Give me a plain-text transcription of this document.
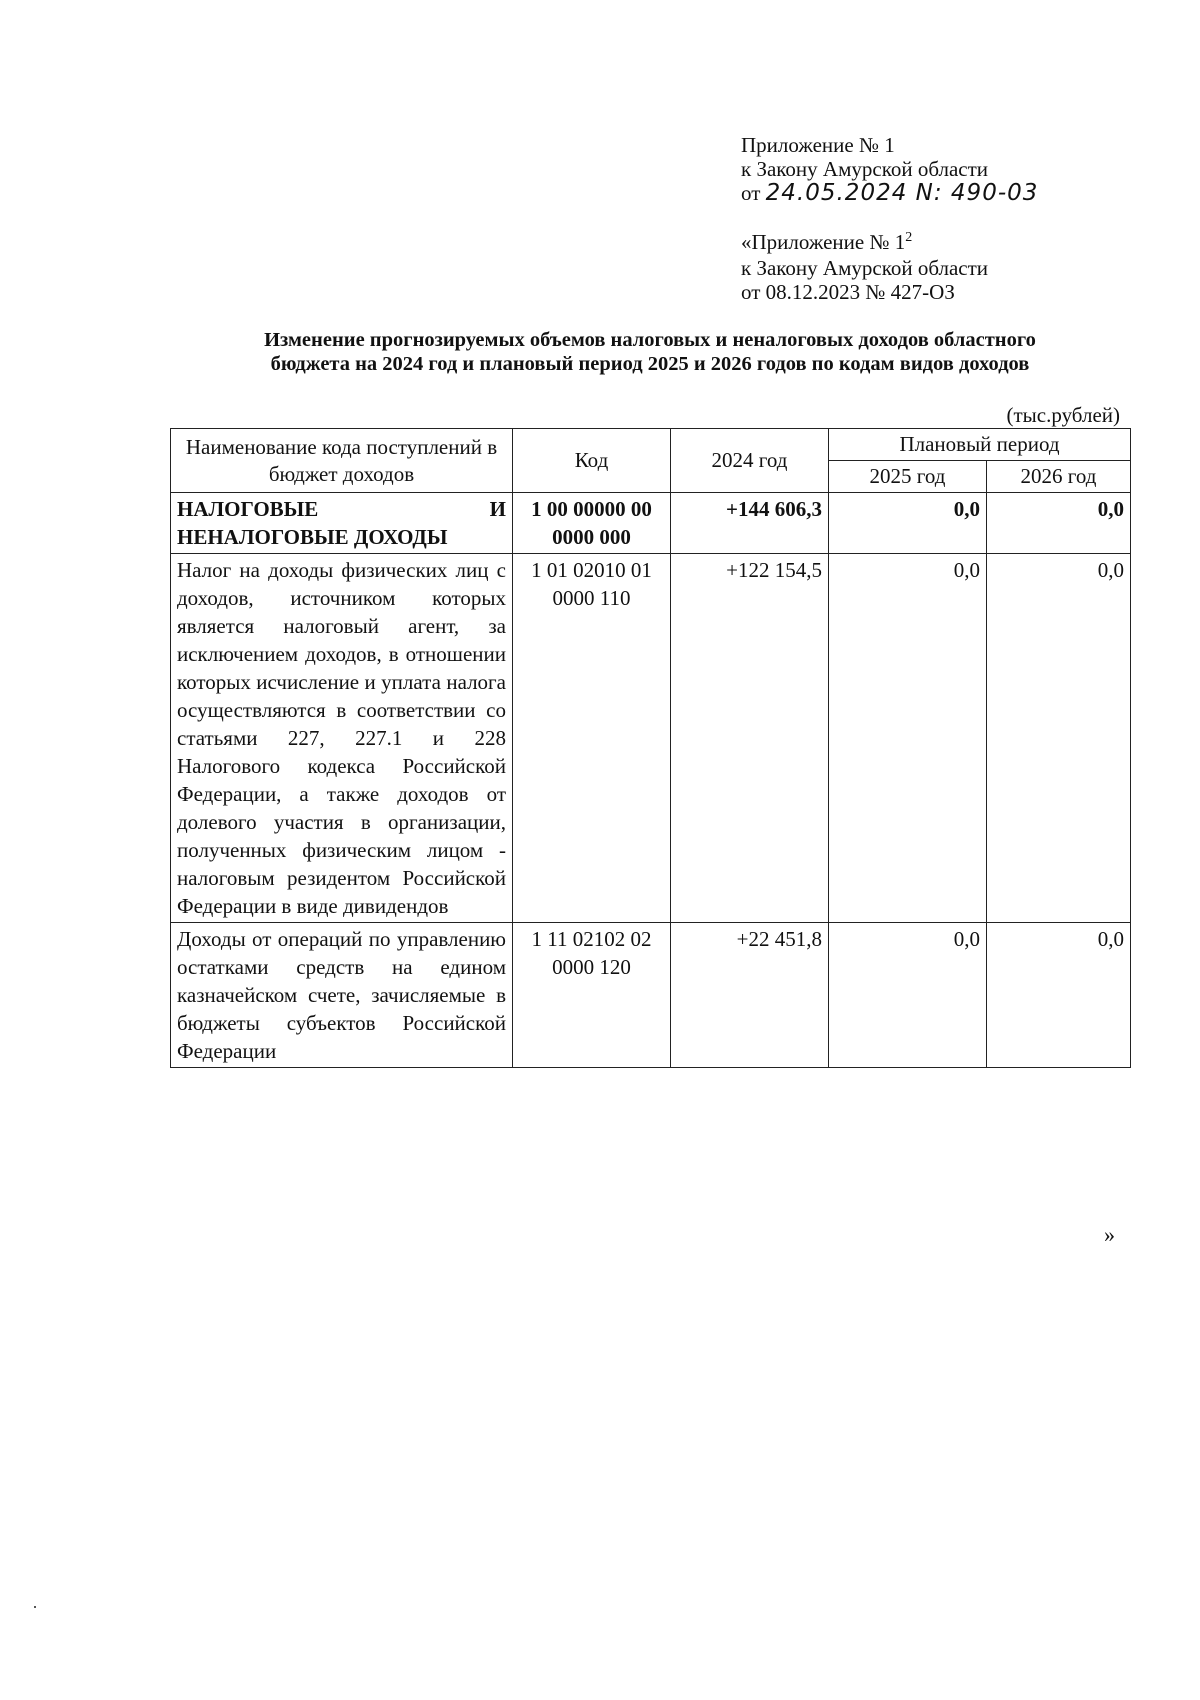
Приложение № 1
к Закону Амурской области
от 24.05.2024 N: 490-03
«Приложение № $1^2$
к Закону Амурской области
от 08.12.2023 № 427-ОЗ
Изменение прогнозируемых объемов налоговых и неналоговых доходов областного
бюджета на 2024 год и плановый период 2025 и 2026 годов по кодам видов доходов
(тыс.рублей)
Наименование кода поступлений в бюджет доходов	Код	2024 год	Плановый период	
			2025 год	2026 год
НАЛОГОВЫЕ И НЕНАЛОГОВЫЕ ДОХОДЫ	1 00 00000 00 0000 000	+144 606,3	0,0	0,0
Налог на доходы физических лиц с доходов, источником которых является налоговый агент, за исключением доходов, в отношении которых исчисление и уплата налога осуществляются в соответствии со статьями 227, 227.1 и 228 Налогового кодекса Российской Федерации, а также доходов от долевого участия в организации, полученных физическим лицом - налоговым резидентом Российской Федерации в виде дивидендов	1 01 02010 01 0000 110	+122 154,5	0,0	0,0
Доходы от операций по управлению остатками средств на едином казначейском счете, зачисляемые в бюджеты субъектов Российской Федерации	1 11 02102 02 0000 120	+22 451,8	0,0	0,0
»
